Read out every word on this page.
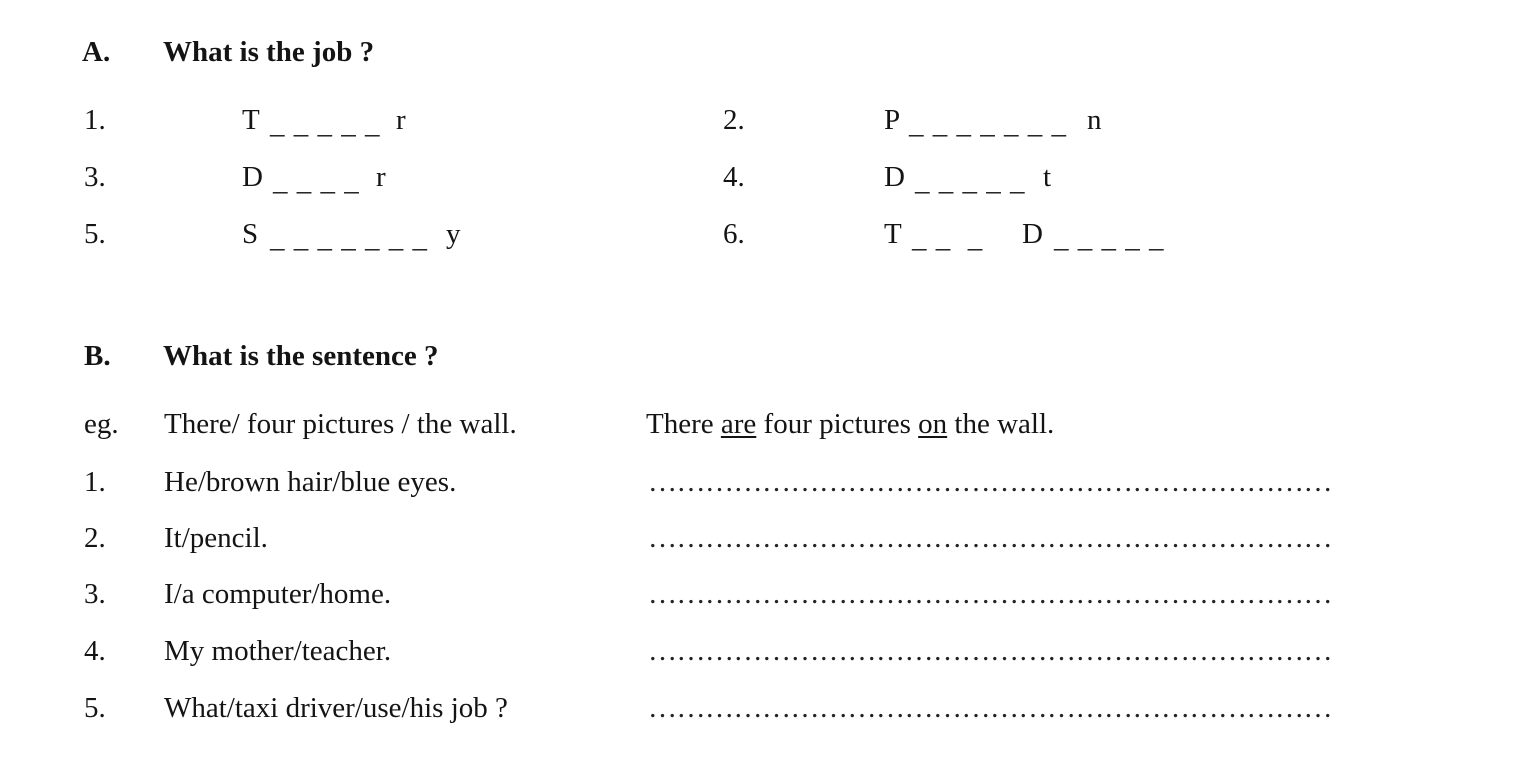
A. What is the job ?
1.	T _ _ _ _ _ r	2.	P _ _ _ _ _ _ _ n
3.	D _ _ _ _ r	4.	D _ _ _ _ _ t
5.	S _ _ _ _ _ _ _ y	6.	T _ _  _ D _ _ _ _ _
B. What is the sentence ?
eg. There/ four pictures / the wall.	There are four pictures on the wall.
1. He/brown hair/blue eyes.	………………………………………………………………
2. It/pencil.	………………………………………………………………
3. I/a computer/home.	………………………………………………………………
4. My mother/teacher.	………………………………………………………………
5. What/taxi driver/use/his job ?	………………………………………………………………
